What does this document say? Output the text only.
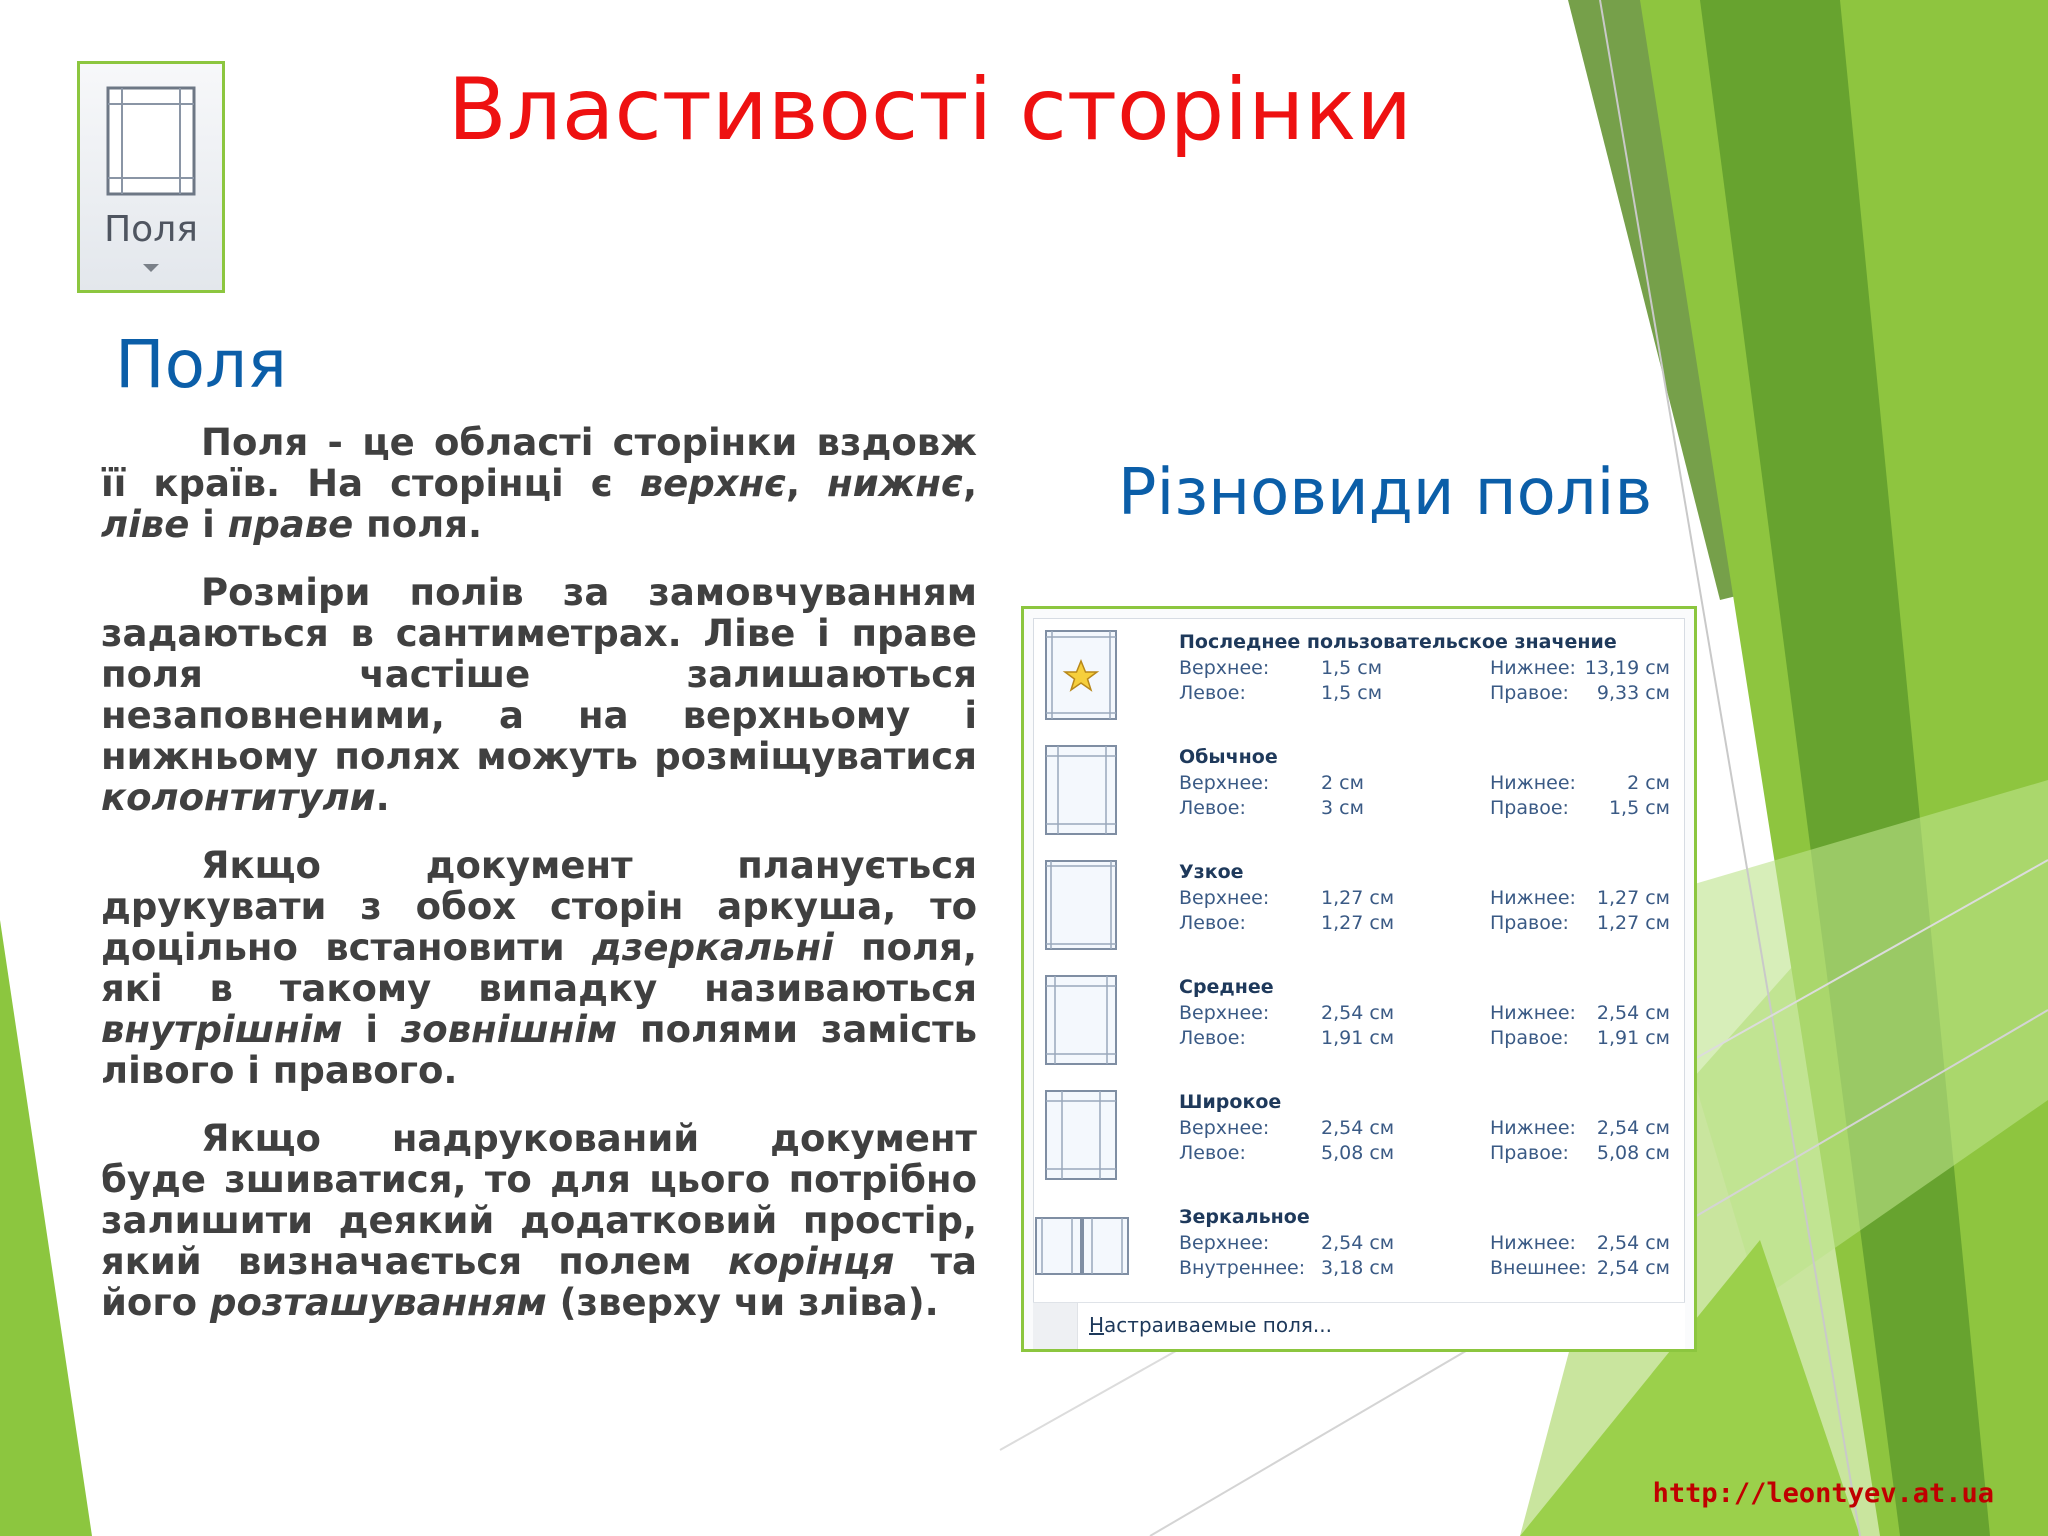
Поля
Властивості сторінки
Поля

Поля - це області сторінки вздовж її країв. На сторінці є верхнє, нижнє, ліве і праве поля.

Розміри полів за замовчуванням задаються в сантиметрах. Ліве і праве поля частіше залишаються незаповненими, а на верхньому і нижньому полях можуть розміщуватися колонтитули.

Якщо документ планується друкувати з обох сторін аркуша, то доцільно встановити дзеркальні поля, які в такому випадку називаються внутрішнім і зовнішнім полями замість лівого і правого.

Якщо надрукований документ буде зшиватися, то для цього потрібно залишити деякий додатковий простір, який визначається полем корінця та його розташуванням (зверху чи зліва).

Різновиди полів
Последнее пользовательское значение
Верхнее:	1,5 см	Нижнее: 13,19 см
Левое:	1,5 см	Правое: 9,33 см
Обычное
Верхнее:	2 см	Нижнее:	2 см
Левое:	3 см	Правое: 1,5 см
Узкое
Верхнее:	1,27 см	Нижнее: 1,27 см
Левое:	1,27 см	Правое: 1,27 см
Среднее
Верхнее:	2,54 см	Нижнее: 2,54 см
Левое:	1,91 см	Правое: 1,91 см
Широкое
Верхнее:	2,54 см	Нижнее: 2,54 см
Левое:	5,08 см	Правое: 5,08 см
Зеркальное
Верхнее:	2,54 см	Нижнее: 2,54 см
Внутреннее: 3,18 см	Внешнее: 2,54 см
Настраиваемые поля...
http://leontyev.at.ua
